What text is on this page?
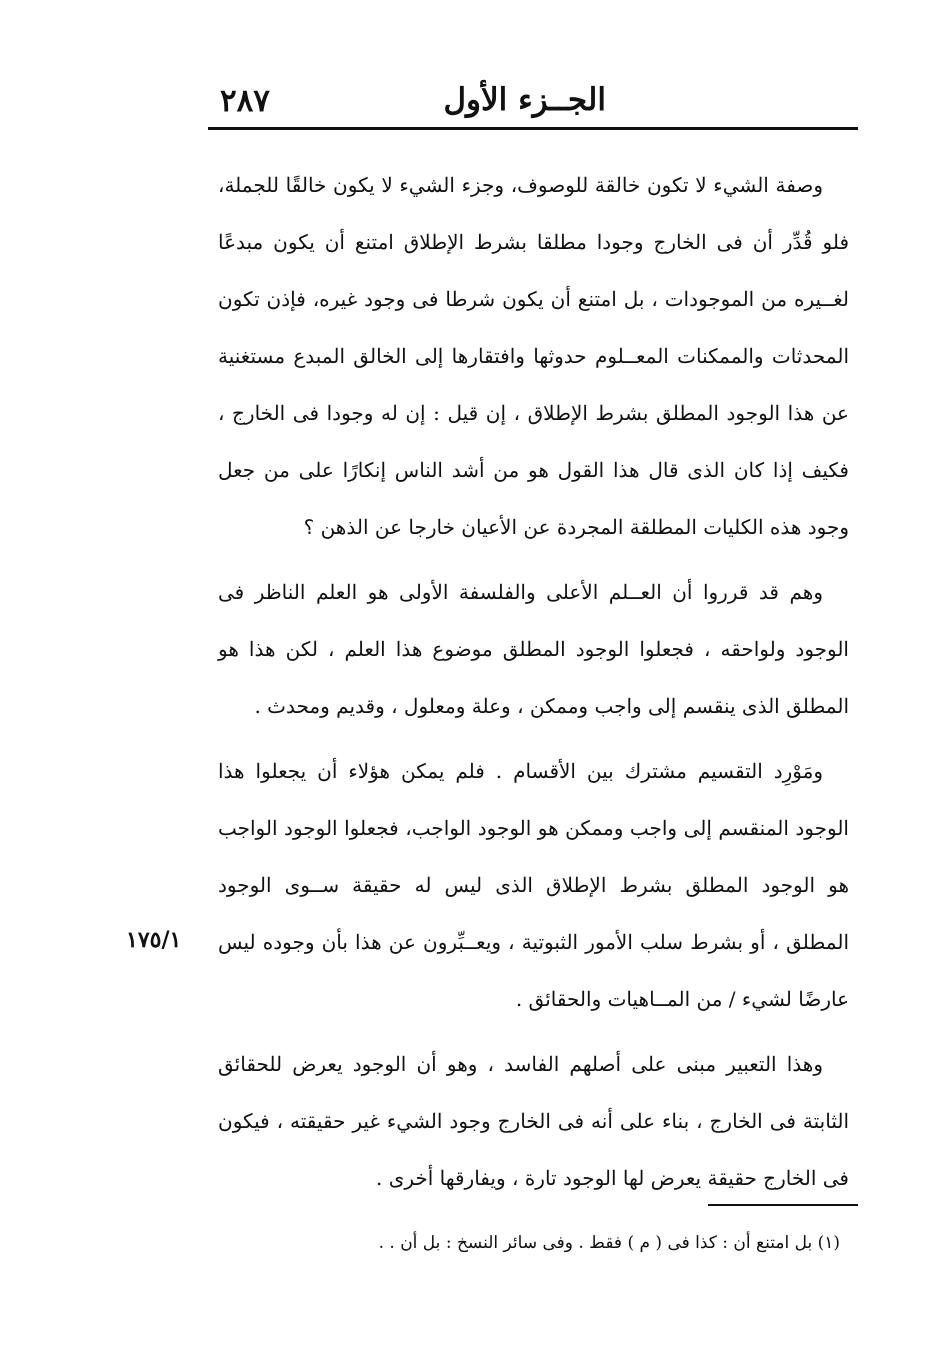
٢٨٧	الجــزء الأول

وصفة الشيء لا تكون خالقة للوصوف، وجزء الشيء لا يكون خالقًا للجملة، فلو قُدِّر أن فى الخارج وجودا مطلقا بشرط الإطلاق امتنع أن يكون مبدعًا لغــيره من الموجودات ، بل امتنع أن يكون شرطا فى وجود غيره، فإذن تكون المحدثات والممكنات المعــلوم حدوثها وافتقارها إلى الخالق المبدع مستغنية عن هذا الوجود المطلق بشرط الإطلاق ، إن قيل : إن له وجودا فى الخارج ، فكيف إذا كان الذى قال هذا القول هو من أشد الناس إنكارًا على من جعل وجود هذه الكليات المطلقة المجردة عن الأعيان خارجا عن الذهن ؟

وهم قد قرروا أن العــلم الأعلى والفلسفة الأولى هو العلم الناظر فى الوجود ولواحقه ، فجعلوا الوجود المطلق موضوع هذا العلم ، لكن هذا هو المطلق الذى ينقسم إلى واجب وممكن ، وعلة ومعلول ، وقديم ومحدث .

ومَوْرِد التقسيم مشترك بين الأقسام . فلم يمكن هؤلاء أن يجعلوا هذا الوجود المنقسم إلى واجب وممكن هو الوجود الواجب، فجعلوا الوجود الواجب هو الوجود المطلق بشرط الإطلاق الذى ليس له حقيقة ســوى الوجود المطلق ، أو بشرط سلب الأمور الثبوتية ، ويعــبِّرون عن هذا بأن وجوده ليس عارضًا لشيء / من المــاهيات والحقائق .

وهذا التعبير مبنى على أصلهم الفاسد ، وهو أن الوجود يعرض للحقائق الثابتة فى الخارج ، بناء على أنه فى الخارج وجود الشيء غير حقيقته ، فيكون فى الخارج حقيقة يعرض لها الوجود تارة ، ويفارقها أخرى .

١٧٥/١
(١) بل امتنع أن : كذا فى ( م ) فقط . وفى سائر النسخ : بل أن . .
